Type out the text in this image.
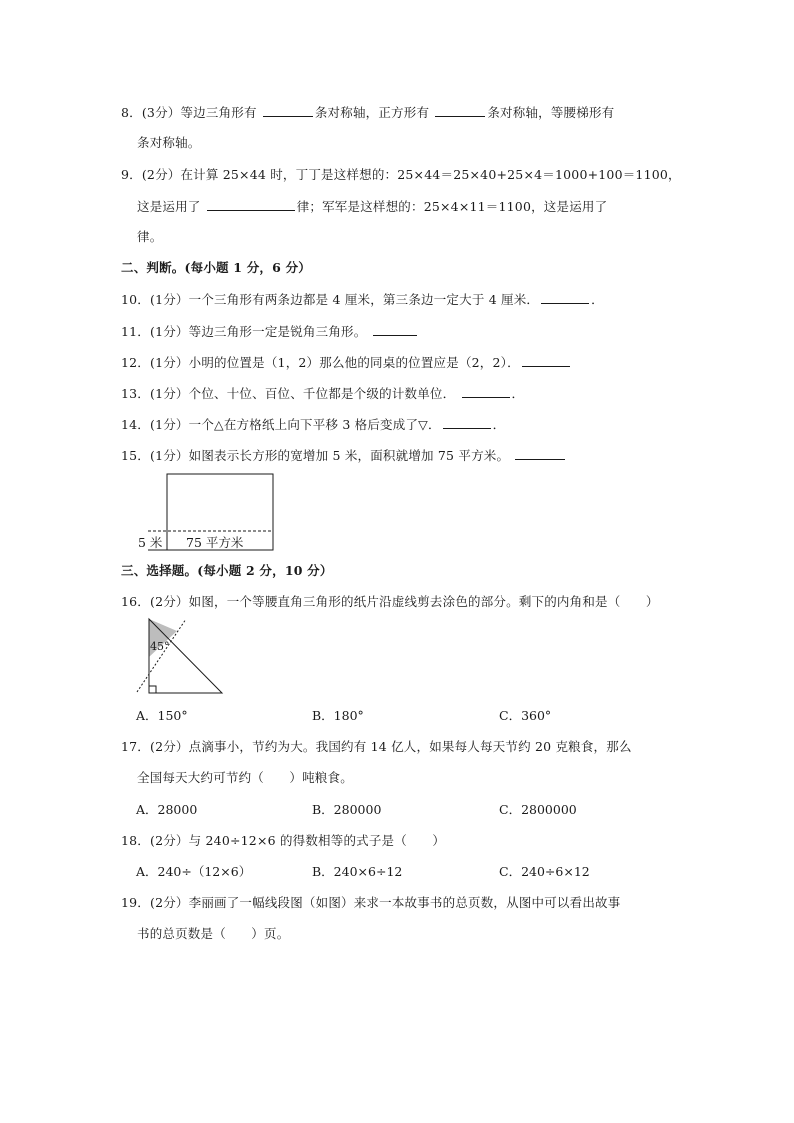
8．(3分）等边三角形有	条对称轴，正方形有	条对称轴，等腰梯形有
条对称轴。
9．(2分）在计算 25×44 时，丁丁是这样想的：25×44＝25×40+25×4＝1000+100＝1100，
这是运用了	律；军军是这样想的：25×4×11＝1100，这是运用了
律。
二、判断。(每小题 1 分，6 分）
10．(1分）一个三角形有两条边都是 4 厘米，第三条边一定大于 4 厘米．	．
11．(1分）等边三角形一定是锐角三角形。
12．(1分）小明的位置是（1，2）那么他的同桌的位置应是（2，2）．
13．(1分）个位、十位、百位、千位都是个级的计数单位．	．
14．(1分）一个△在方格纸上向下平移 3 格后变成了▽．	．
15．(1分）如图表示长方形的宽增加 5 米，面积就增加 75 平方米。
5 米 75 平方米
三、选择题。(每小题 2 分，10 分）
16．(2分）如图，一个等腰直角三角形的纸片沿虚线剪去涂色的部分。剩下的内角和是（　　）
45°
A．150°	B．180°	C．360°
17．(2分）点滴事小，节约为大。我国约有 14 亿人，如果每人每天节约 20 克粮食，那么
全国每天大约可节约（　　）吨粮食。
A．28000	B．280000	C．2800000
18．(2分）与 240÷12×6 的得数相等的式子是（　　）
A．240÷（12×6）	B．240×6÷12	C．240÷6×12
19．(2分）李丽画了一幅线段图（如图）来求一本故事书的总页数，从图中可以看出故事
书的总页数是（　　）页。
